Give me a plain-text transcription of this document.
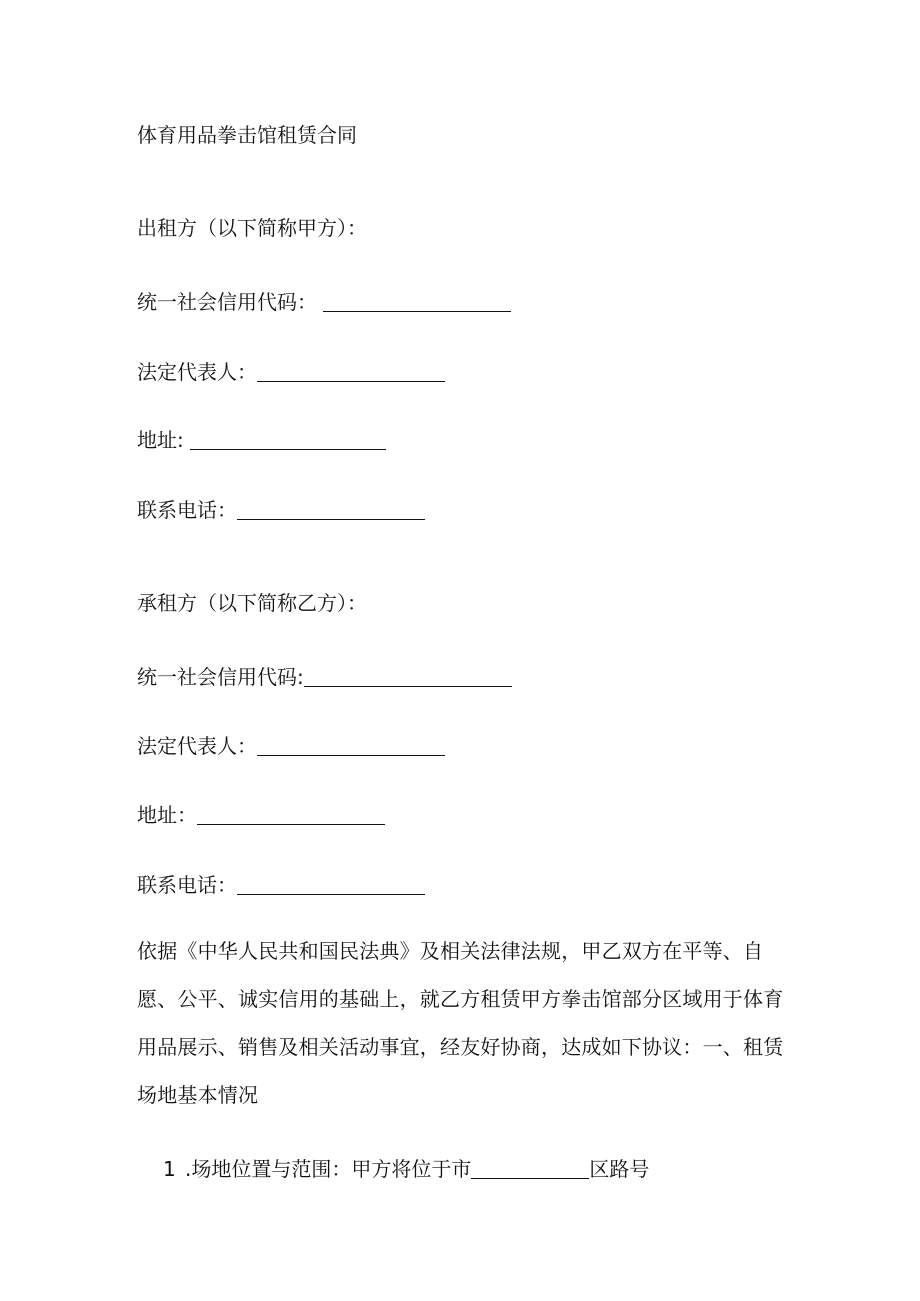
体育用品拳击馆租赁合同
出租方（以下简称甲方）：
统一社会信用代码：
法定代表人：
地址:
联系电话：
承租方（以下简称乙方）：
统一社会信用代码:
法定代表人：
地址：
联系电话：
依据《中华人民共和国民法典》及相关法律法规，甲乙双方在平等、自
愿、公平、诚实信用的基础上，就乙方租赁甲方拳击馆部分区域用于体育
用品展示、销售及相关活动事宜，经友好协商，达成如下协议：一、租赁
场地基本情况
1 .场地位置与范围：甲方将位于市	区路号
